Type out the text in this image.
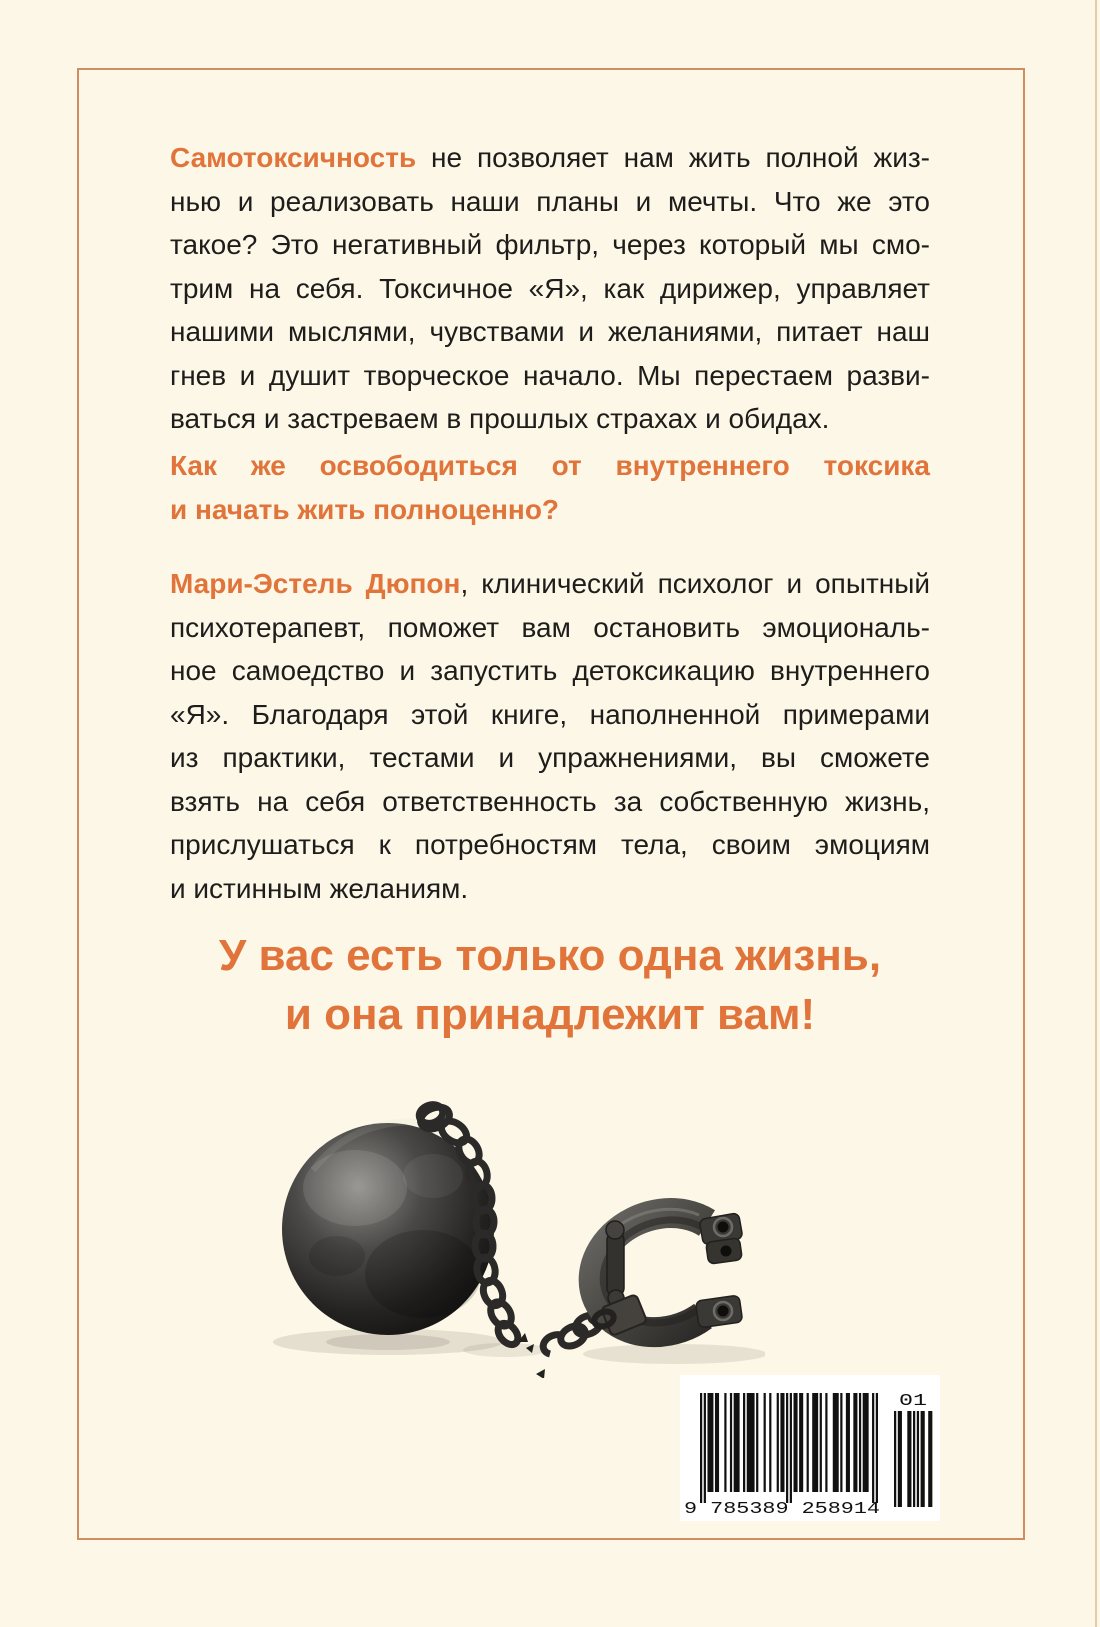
Самотоксичность не позволяет нам жить полной жиз-
нью и реализовать наши планы и мечты. Что же это
такое? Это негативный фильтр, через который мы смо-
трим на себя. Токсичное «Я», как дирижер, управляет
нашими мыслями, чувствами и желаниями, питает наш
гнев и душит творческое начало. Мы перестаем разви-
ваться и застреваем в прошлых страхах и обидах.
Как же освободиться от внутреннего токсика
и начать жить полноценно?
Мари-Эстель Дюпон, клинический психолог и опытный
психотерапевт, поможет вам остановить эмоциональ-
ное самоедство и запустить детоксикацию внутреннего
«Я». Благодаря этой книге, наполненной примерами
из практики, тестами и упражнениями, вы сможете
взять на себя ответственность за собственную жизнь,
прислушаться к потребностям тела, своим эмоциям
и истинным желаниям.
У вас есть только одна жизнь,
и она принадлежит вам!
9 785389 258914
01
